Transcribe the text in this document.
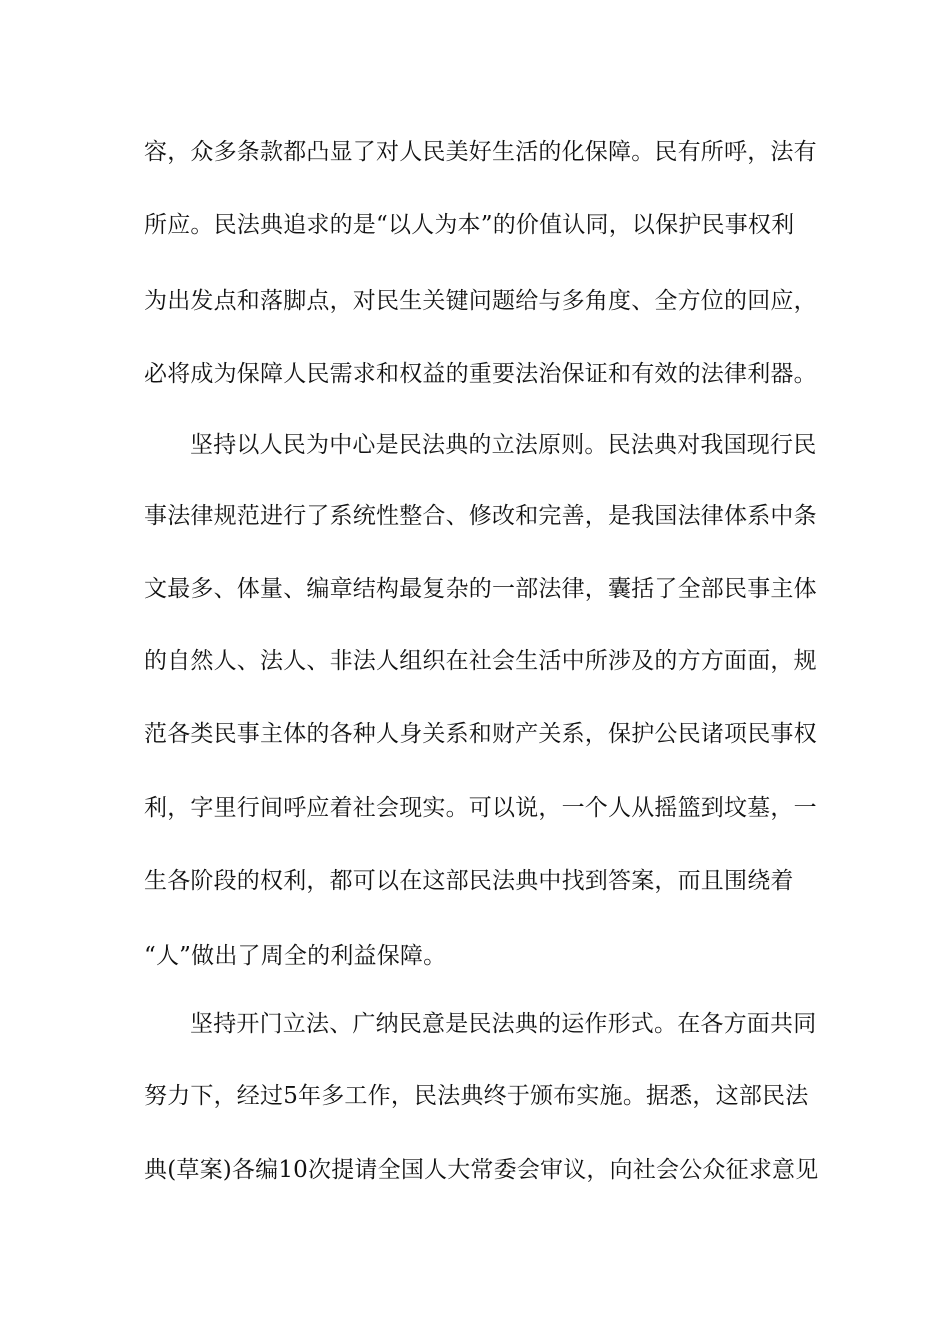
容，众多条款都凸显了对人民美好生活的化保障。民有所呼，法有
所应。民法典追求的是“以人为本”的价值认同，以保护民事权利
为出发点和落脚点，对民生关键问题给与多角度、全方位的回应，
必将成为保障人民需求和权益的重要法治保证和有效的法律利器。
坚持以人民为中心是民法典的立法原则。民法典对我国现行民
事法律规范进行了系统性整合、修改和完善，是我国法律体系中条
文最多、体量、编章结构最复杂的一部法律，囊括了全部民事主体
的自然人、法人、非法人组织在社会生活中所涉及的方方面面，规
范各类民事主体的各种人身关系和财产关系，保护公民诸项民事权
利，字里行间呼应着社会现实。可以说，一个人从摇篮到坟墓，一
生各阶段的权利，都可以在这部民法典中找到答案，而且围绕着
“人”做出了周全的利益保障。
坚持开门立法、广纳民意是民法典的运作形式。在各方面共同
努力下，经过5年多工作，民法典终于颁布实施。据悉，这部民法
典(草案)各编10次提请全国人大常委会审议，向社会公众征求意见
